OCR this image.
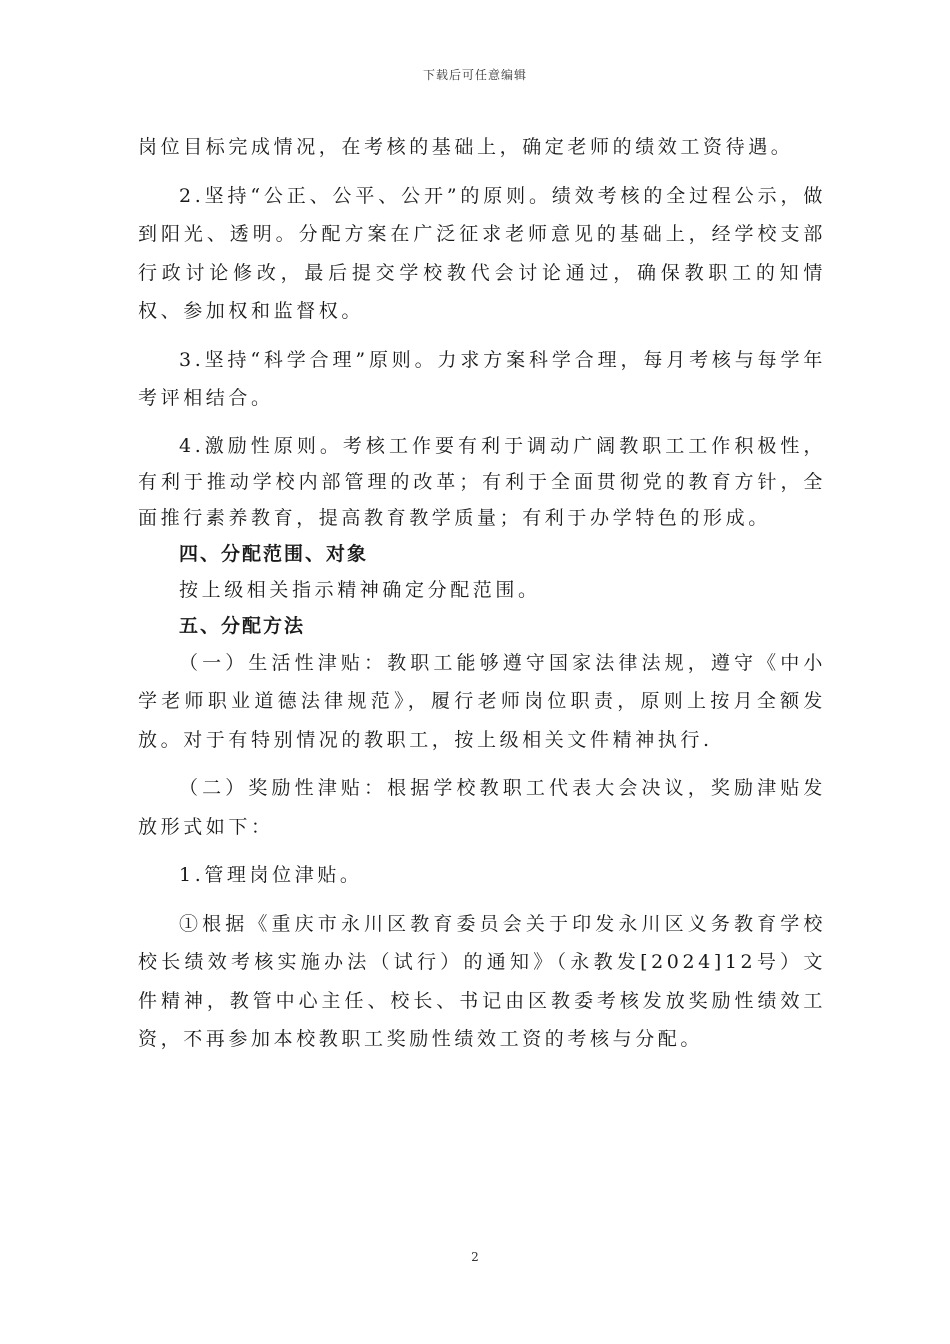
下载后可任意编辑

岗位目标完成情况，在考核的基础上，确定老师的绩效工资待遇。

2.坚持“公正、公平、公开”的原则。绩效考核的全过程公示，做到阳光、透明。分配方案在广泛征求老师意见的基础上，经学校支部行政讨论修改，最后提交学校教代会讨论通过，确保教职工的知情权、参加权和监督权。

3.坚持“科学合理”原则。力求方案科学合理，每月考核与每学年考评相结合。

4.激励性原则。考核工作要有利于调动广阔教职工工作积极性，有利于推动学校内部管理的改革；有利于全面贯彻党的教育方针，全面推行素养教育，提高教育教学质量；有利于办学特色的形成。

四、分配范围、对象

按上级相关指示精神确定分配范围。

五、分配方法

（一）生活性津贴：教职工能够遵守国家法律法规，遵守《中小学老师职业道德法律规范》，履行老师岗位职责，原则上按月全额发放。对于有特别情况的教职工，按上级相关文件精神执行.

（二）奖励性津贴：根据学校教职工代表大会决议，奖励津贴发放形式如下：

1.管理岗位津贴。

①根据《重庆市永川区教育委员会关于印发永川区义务教育学校校长绩效考核实施办法（试行）的通知》（永教发[2024]12号）文件精神，教管中心主任、校长、书记由区教委考核发放奖励性绩效工资，不再参加本校教职工奖励性绩效工资的考核与分配。

2
